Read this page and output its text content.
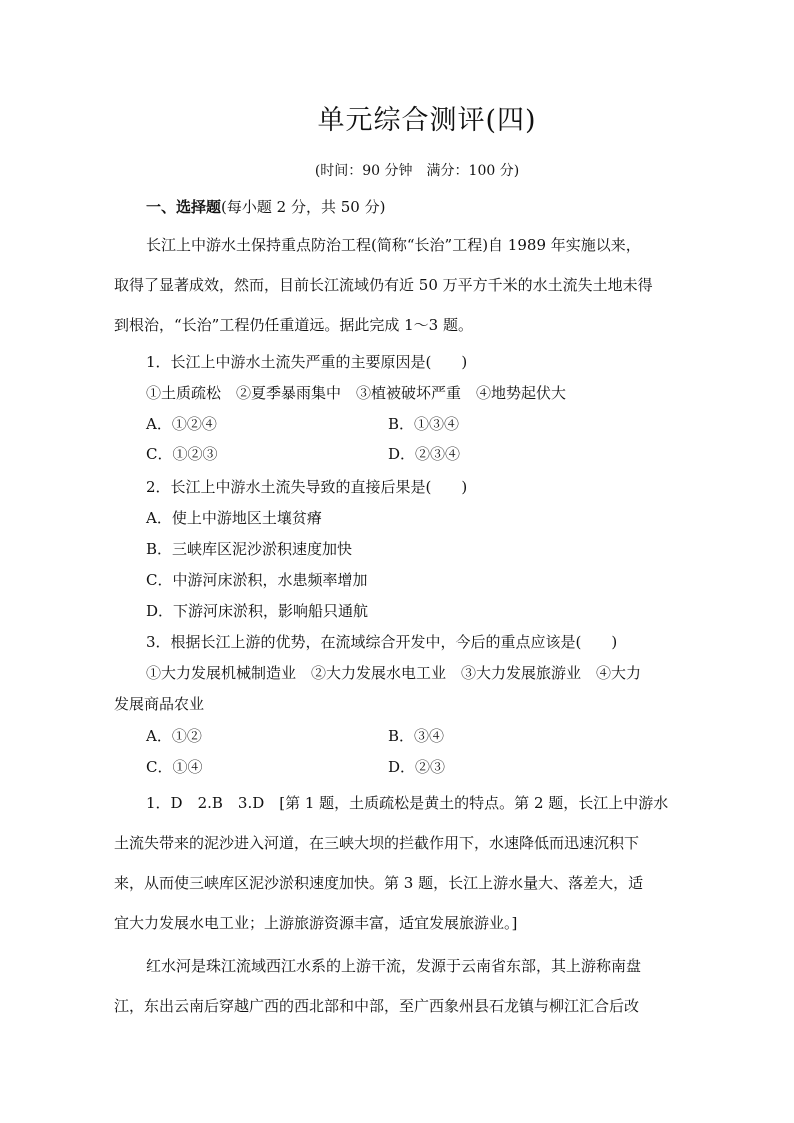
单元综合测评(四)
(时间：90 分钟　满分：100 分)
一、选择题(每小题 2 分，共 50 分)
长江上中游水土保持重点防治工程(简称“长治”工程)自 1989 年实施以来，
取得了显著成效，然而，目前长江流域仍有近 50 万平方千米的水土流失土地未得
到根治，“长治”工程仍任重道远。据此完成 1～3 题。
1．长江上中游水土流失严重的主要原因是(　　)
①土质疏松　②夏季暴雨集中　③植被破坏严重　④地势起伏大
A．①②④	B．①③④
C．①②③	D．②③④
2．长江上中游水土流失导致的直接后果是(　　)
A．使上中游地区土壤贫瘠
B．三峡库区泥沙淤积速度加快
C．中游河床淤积，水患频率增加
D．下游河床淤积，影响船只通航
3．根据长江上游的优势，在流域综合开发中，今后的重点应该是(　　)
①大力发展机械制造业　②大力发展水电工业　③大力发展旅游业　④大力
发展商品农业
A．①②	B．③④
C．①④	D．②③
1．D　2.B　3.D　[第 1 题，土质疏松是黄土的特点。第 2 题，长江上中游水
土流失带来的泥沙进入河道，在三峡大坝的拦截作用下，水速降低而迅速沉积下
来，从而使三峡库区泥沙淤积速度加快。第 3 题，长江上游水量大、落差大，适
宜大力发展水电工业；上游旅游资源丰富，适宜发展旅游业。]
红水河是珠江流域西江水系的上游干流，发源于云南省东部，其上游称南盘
江，东出云南后穿越广西的西北部和中部，至广西象州县石龙镇与柳江汇合后改
